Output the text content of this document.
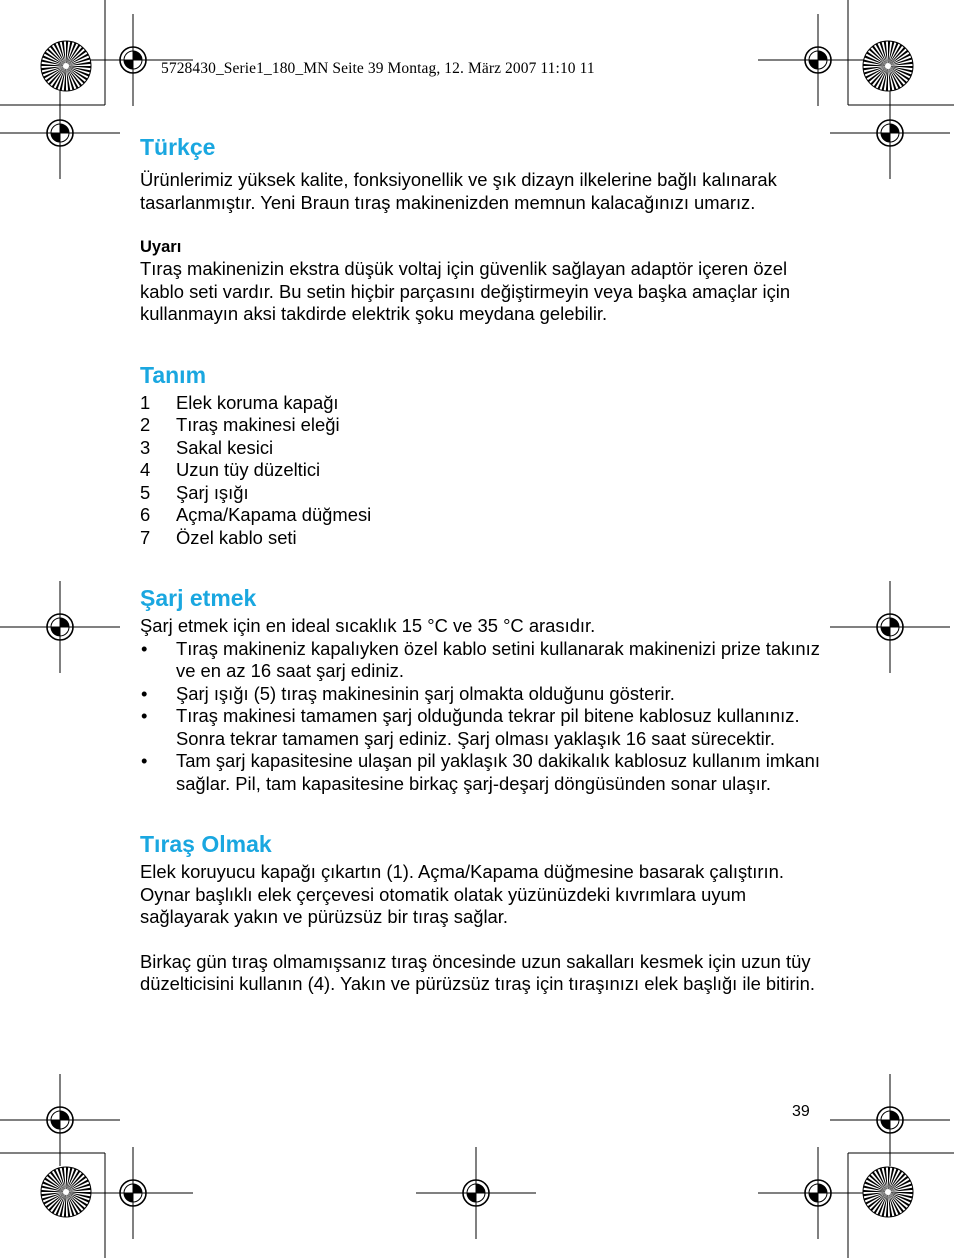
5728430_Serie1_180_MN Seite 39 Montag, 12. März 2007 11:10 11
Türkçe

Ürünlerimiz yüksek kalite, fonksiyonellik ve şık dizayn ilkelerine bağlı kalınarak tasarlanmıştır. Yeni Braun tıraş makinenizden memnun kalacağınızı umarız.

Uyarı

Tıraş makinenizin ekstra düşük voltaj için güvenlik sağlayan adaptör içeren özel kablo seti vardır. Bu setin hiçbir parçasını değiştirmeyin veya başka amaçlar için kullanmayın aksi takdirde elektrik şoku meydana gelebilir.

Tanım
1 Elek koruma kapağı
2 Tıraş makinesi eleği
3 Sakal kesici
4 Uzun tüy düzeltici
5 Şarj ışığı
6 Açma/Kapama düğmesi
7 Özel kablo seti
Şarj etmek

Şarj etmek için en ideal sıcaklık 15 °C ve 35 °C arasıdır.

• Tıraş makineniz kapalıyken özel kablo setini kullanarak makinenizi prize takınız ve en az 16 saat şarj ediniz.
• Şarj ışığı (5) tıraş makinesinin şarj olmakta olduğunu gösterir.
• Tıraş makinesi tamamen şarj olduğunda tekrar pil bitene kablosuz kullanınız. Sonra tekrar tamamen şarj ediniz. Şarj olması yaklaşık 16 saat sürecektir.
• Tam şarj kapasitesine ulaşan pil yaklaşık 30 dakikalık kablosuz kullanım imkanı sağlar. Pil, tam kapasitesine birkaç şarj-deşarj döngüsünden sonar ulaşır.
Tıraş Olmak

Elek koruyucu kapağı çıkartın (1). Açma/Kapama düğmesine basarak çalıştırın. Oynar başlıklı elek çerçevesi otomatik olatak yüzünüzdeki kıvrımlara uyum sağlayarak yakın ve pürüzsüz bir tıraş sağlar.

Birkaç gün tıraş olmamışsanız tıraş öncesinde uzun sakalları kesmek için uzun tüy düzelticisini kullanın (4). Yakın ve pürüzsüz tıraş için tıraşınızı elek başlığı ile bitirin.

39
